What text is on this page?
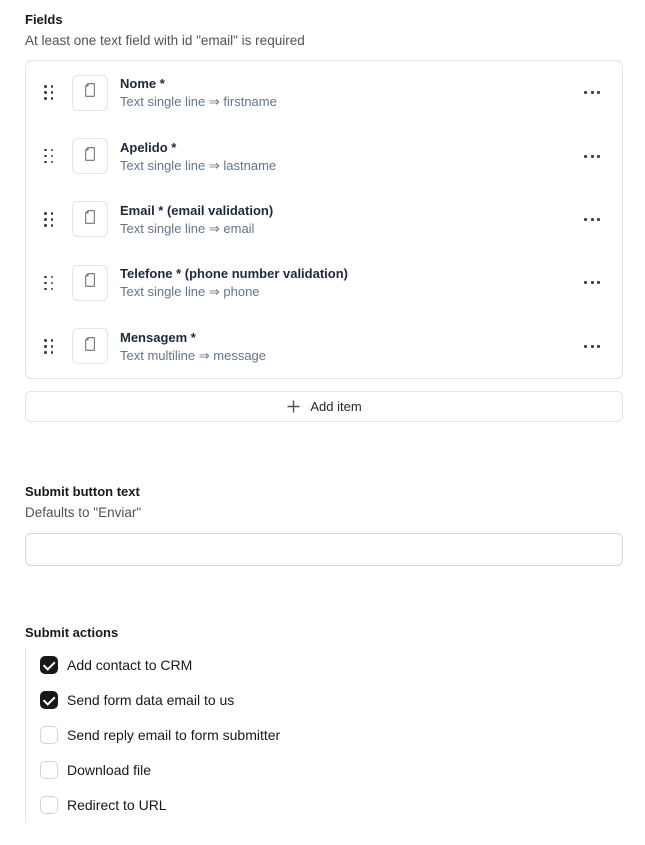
Fields
At least one text field with id "email" is required
Nome *
Text single line ⇒ firstname
Apelido *
Text single line ⇒ lastname
Email * (email validation)
Text single line ⇒ email
Telefone * (phone number validation)
Text single line ⇒ phone
Mensagem *
Text multiline ⇒ message
Add item
Submit button text
Defaults to "Enviar"
Submit actions
Add contact to CRM
Send form data email to us
Send reply email to form submitter
Download file
Redirect to URL
